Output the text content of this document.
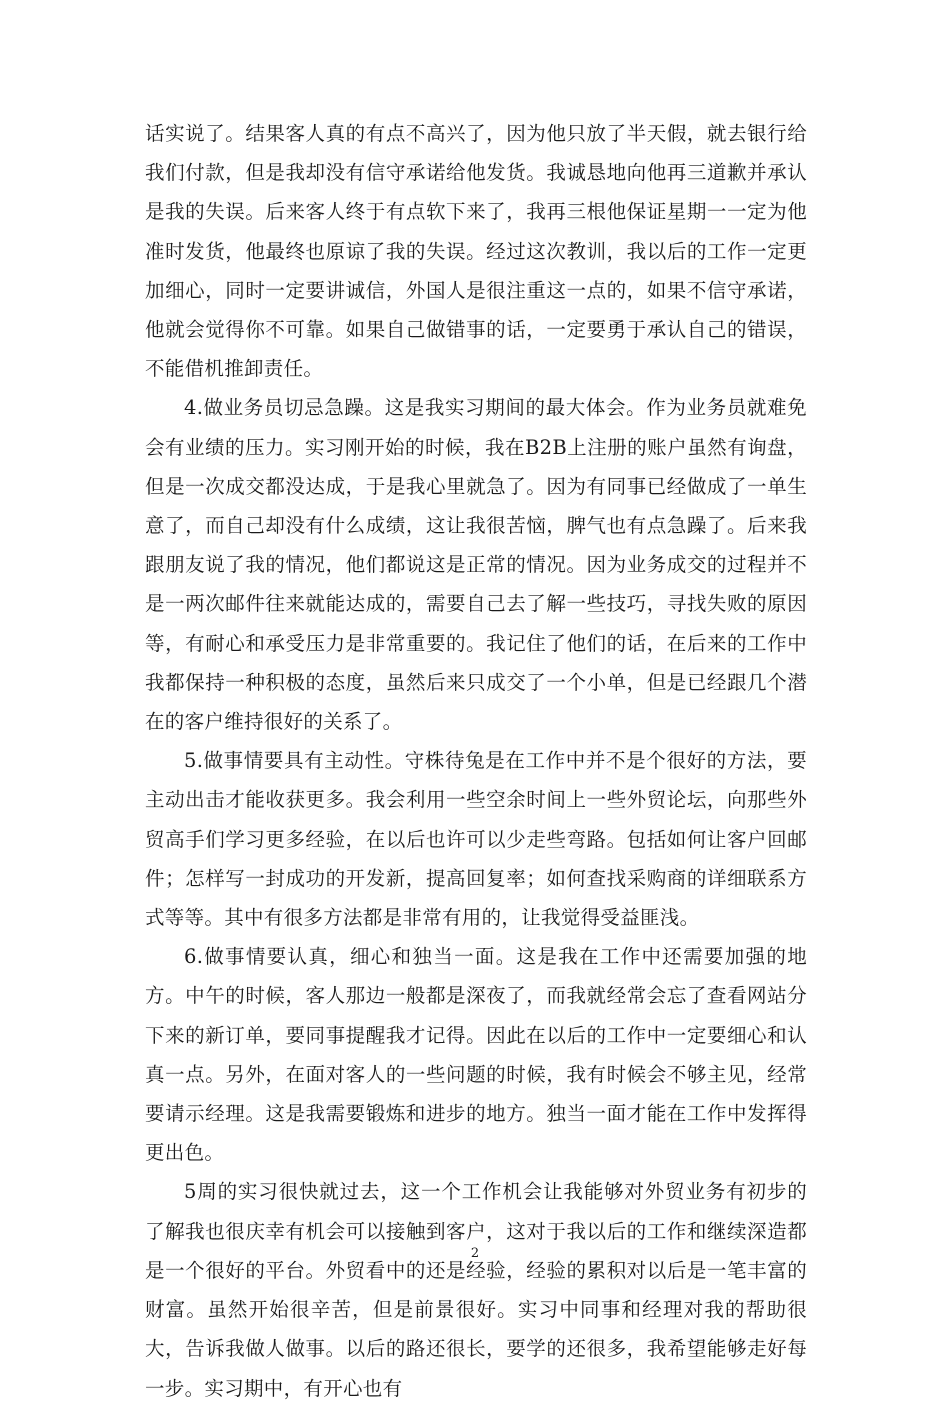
话实说了。结果客人真的有点不高兴了，因为他只放了半天假，就去银行给我们付款，但是我却没有信守承诺给他发货。我诚恳地向他再三道歉并承认是我的失误。后来客人终于有点软下来了，我再三根他保证星期一一定为他准时发货，他最终也原谅了我的失误。经过这次教训，我以后的工作一定更加细心，同时一定要讲诚信，外国人是很注重这一点的，如果不信守承诺，他就会觉得你不可靠。如果自己做错事的话，一定要勇于承认自己的错误，不能借机推卸责任。

4.做业务员切忌急躁。这是我实习期间的最大体会。作为业务员就难免会有业绩的压力。实习刚开始的时候，我在B2B上注册的账户虽然有询盘，但是一次成交都没达成，于是我心里就急了。因为有同事已经做成了一单生意了，而自己却没有什么成绩，这让我很苦恼，脾气也有点急躁了。后来我跟朋友说了我的情况，他们都说这是正常的情况。因为业务成交的过程并不是一两次邮件往来就能达成的，需要自己去了解一些技巧，寻找失败的原因等，有耐心和承受压力是非常重要的。我记住了他们的话，在后来的工作中我都保持一种积极的态度，虽然后来只成交了一个小单，但是已经跟几个潜在的客户维持很好的关系了。

5.做事情要具有主动性。守株待兔是在工作中并不是个很好的方法，要主动出击才能收获更多。我会利用一些空余时间上一些外贸论坛，向那些外贸高手们学习更多经验，在以后也许可以少走些弯路。包括如何让客户回邮件；怎样写一封成功的开发新，提高回复率；如何查找采购商的详细联系方式等等。其中有很多方法都是非常有用的，让我觉得受益匪浅。

6.做事情要认真，细心和独当一面。这是我在工作中还需要加强的地方。中午的时候，客人那边一般都是深夜了，而我就经常会忘了查看网站分下来的新订单，要同事提醒我才记得。因此在以后的工作中一定要细心和认真一点。另外，在面对客人的一些问题的时候，我有时候会不够主见，经常要请示经理。这是我需要锻炼和进步的地方。独当一面才能在工作中发挥得更出色。

5周的实习很快就过去，这一个工作机会让我能够对外贸业务有初步的了解我也很庆幸有机会可以接触到客户，这对于我以后的工作和继续深造都是一个很好的平台。外贸看中的还是经验，经验的累积对以后是一笔丰富的财富。虽然开始很辛苦，但是前景很好。实习中同事和经理对我的帮助很大，告诉我做人做事。以后的路还很长，要学的还很多，我希望能够走好每一步。实习期中，有开心也有

2
